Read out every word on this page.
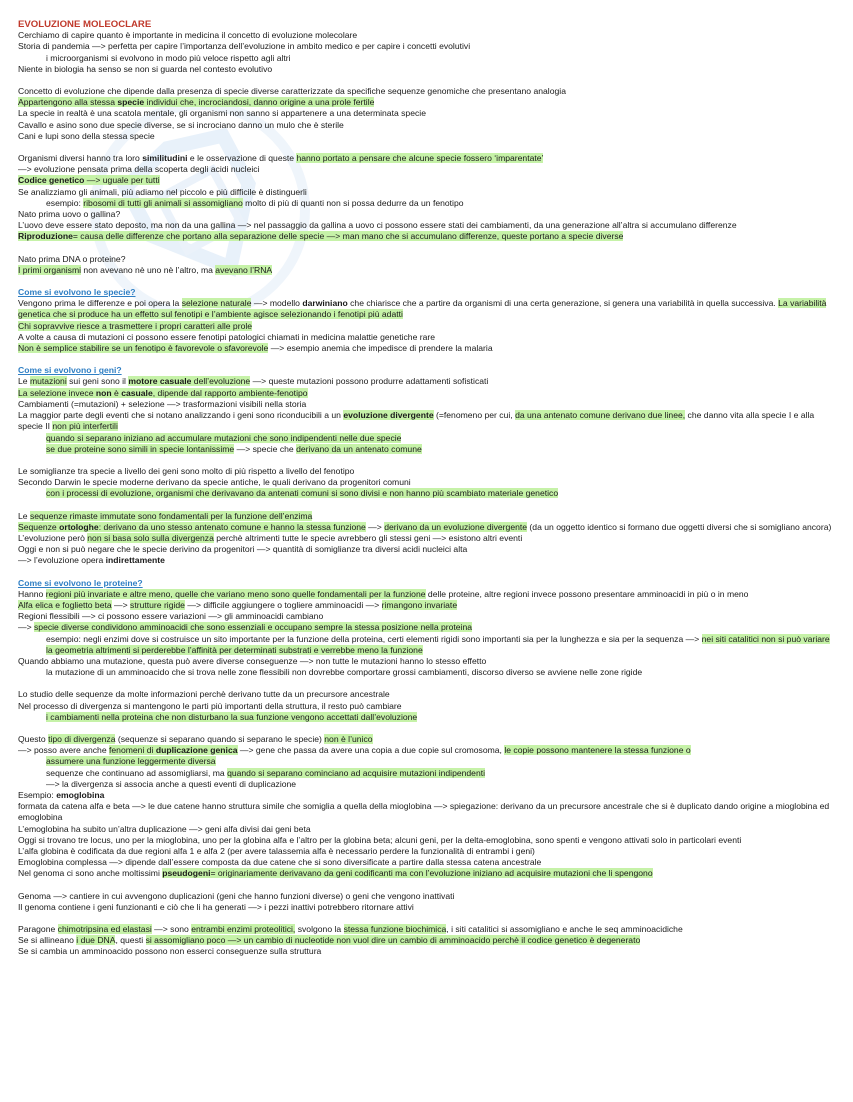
EVOLUZIONE MOLEOCLARE
Cerchiamo di capire quanto è importante in medicina il concetto di evoluzione molecolare
Storia di pandemia —> perfetta per capire l’importanza dell’evoluzione in ambito medico e per capire i concetti evolutivi
i microorganismi si evolvono in modo più veloce rispetto agli altri
Niente in biologia ha senso se non si guarda nel contesto evolutivo
Concetto di evoluzione che dipende dalla presenza di specie diverse caratterizzate da specifiche sequenze genomiche che presentano analogia
Appartengono alla stessa specie individui che, incrociandosi, danno origine a una prole fertile
La specie in realtà è una scatola mentale, gli organismi non sanno si appartenere a una determinata specie
Cavallo e asino sono due specie diverse, se si incrociano danno un mulo che è sterile
Cani e lupi sono della stessa specie
Organismi diversi hanno tra loro similitudini e le osservazione di queste hanno portato a pensare che alcune specie fossero ‘imparentate’
—> evoluzione pensata prima della scoperta degli acidi nucleici
Codice genetico —> uguale per tutti
Se analizziamo gli animali, più adiamo nel piccolo e più difficile è distinguerli
esempio: ribosomi di tutti gli animali si assomigliano molto di più di quanti non si possa dedurre da un fenotipo
Nato prima uovo o gallina?
L’uovo deve essere stato deposto, ma non da una gallina —> nel passaggio da gallina a uovo ci possono essere stati dei cambiamenti, da una generazione all’altra si accumulano differenze
Riproduzione= causa delle differenze che portano alla separazione delle specie —> man mano che si accumulano differenze, queste portano a specie diverse
Nato prima DNA o proteine?
I primi organismi non avevano nè uno nè l’altro, ma avevano l’RNA
Come si evolvono le specie?
Vengono prima le differenze e poi opera la selezione naturale —> modello darwiniano che chiarisce che a partire da organismi di una certa generazione, si genera una variabilità in quella successiva. La variabilità genetica che si produce ha un effetto sul fenotipi e l’ambiente agisce selezionando i fenotipi più adatti
Chi sopravvive riesce a trasmettere i propri caratteri alle prole
A volte a causa di mutazioni ci possono essere fenotipi patologici chiamati in medicina malattie genetiche rare
Non è semplice stabilire se un fenotipo è favorevole o sfavorevole —> esempio anemia che impedisce di prendere la malaria
Come si evolvono i geni?
Le mutazioni sui geni sono il motore casuale dell’evoluzione —> queste mutazioni possono produrre adattamenti sofisticati
La selezione invece non è casuale, dipende dal rapporto ambiente-fenotipo
Cambiamenti (=mutazioni) + selezione —> trasformazioni visibili nella storia
La maggior parte degli eventi che si notano analizzando i geni sono riconducibili a un evoluzione divergente (=fenomeno per cui, da una antenato comune derivano due linee, che danno vita alla specie I e alla specie II non più interfertili
quando si separano iniziano ad accumulare mutazioni che sono indipendenti nelle due specie
se due proteine sono simili in specie lontanissime —> specie che derivano da un antenato comune
Le somiglianze tra specie a livello dei geni sono molto di più rispetto a livello del fenotipo
Secondo Darwin le specie moderne derivano da specie antiche, le quali derivano da progenitori comuni
con i processi di evoluzione, organismi che derivavano da antenati comuni si sono divisi e non hanno più scambiato materiale genetico
Le sequenze rimaste immutate sono fondamentali per la funzione dell’enzima
Sequenze ortologhe: derivano da uno stesso antenato comune e hanno la stessa funzione —> derivano da un evoluzione divergente (da un oggetto identico si formano due oggetti diversi che si somigliano ancora)
L’evoluzione però non si basa solo sulla divergenza perchè altrimenti tutte le specie avrebbero gli stessi geni —> esistono altri eventi
Oggi e non si può negare che le specie derivino da progenitori —> quantità di somiglianze tra diversi acidi nucleici alta
—> l’evoluzione opera indirettamente
Come si evolvono le proteine?
Hanno regioni più invariate e altre meno, quelle che variano meno sono quelle fondamentali per la funzione delle proteine, altre regioni invece possono presentare amminoacidi in più o in meno
Alfa elica e foglietto beta —> strutture rigide —> difficile aggiungere o togliere amminoacidi —> rimangono invariate
Regioni flessibili —> ci possono essere variazioni —> gli amminoacidi cambiano
—> specie diverse condividono amminoacidi che sono essenziali e occupano sempre la stessa posizione nella proteina
esempio: negli enzimi dove si costruisce un sito importante per la funzione della proteina, certi elementi rigidi sono importanti sia per la lunghezza e sia per la sequenza —> nei siti catalitici non si può variare la geometria altrimenti si perderebbe l’affinità per determinati substrati e verrebbe meno la funzione
Quando abbiamo una mutazione, questa può avere diverse conseguenze —> non tutte le mutazioni hanno lo stesso effetto
la mutazione di un amminoacido che si trova nelle zone flessibili non dovrebbe comportare grossi cambiamenti, discorso diverso se avviene nelle zone rigide
Lo studio delle sequenze da molte informazioni perchè derivano tutte da un precursore ancestrale
Nel processo di divergenza si mantengono le parti più importanti della struttura, il resto può cambiare
i cambiamenti nella proteina che non disturbano la sua funzione vengono accettati dall’evoluzione
Questo tipo di divergenza (sequenze si separano quando si separano le specie) non è l’unico
—> posso avere anche fenomeni di duplicazione genica —> gene che passa da avere una copia a due copie sul cromosoma, le copie possono mantenere la stessa funzione o
assumere una funzione leggermente diversa
sequenze che continuano ad assomigliarsi, ma quando si separano cominciano ad acquisire mutazioni indipendenti
—> la divergenza si associa anche a questi eventi di duplicazione
Esempio: emoglobina
formata da catena alfa e beta —> le due catene hanno struttura simile che somiglia a quella della mioglobina —> spiegazione: derivano da un precursore ancestrale che si è duplicato dando origine a mioglobina ed emoglobina
L’emoglobina ha subito un’altra duplicazione —> geni alfa divisi dai geni beta
Oggi si trovano tre locus, uno per la mioglobina, uno per la globina alfa e l’altro per la globina beta; alcuni geni, per la delta-emoglobina, sono spenti e vengono attivati solo in particolari eventi
L’alfa globina è codificata da due regioni alfa 1 e alfa 2 (per avere talassemia alfa è necessario perdere la funzionalità di entrambi i geni)
Emoglobina complessa —> dipende dall’essere composta da due catene che si sono diversificate a partire dalla stessa catena ancestrale
Nel genoma ci sono anche moltissimi pseudogeni= originariamente derivavano da geni codificanti ma con l’evoluzione iniziano ad acquisire mutazioni che li spengono
Genoma —> cantiere in cui avvengono duplicazioni (geni che hanno funzioni diverse) o geni che vengono inattivati
Il genoma contiene i geni funzionanti e ciò che li ha generati —> i pezzi inattivi potrebbero ritornare attivi
Paragone chimotripsina ed elastasi —> sono entrambi enzimi proteolitici, svolgono la stessa funzione biochimica, i siti catalitici si assomigliano e anche le seq amminoacidiche
Se si allineano i due DNA, questi si assomigliano poco —> un cambio di nucleotide non vuol dire un cambio di amminoacido perchè il codice genetico è degenerato
Se si cambia un amminoacido possono non esserci conseguenze sulla struttura
